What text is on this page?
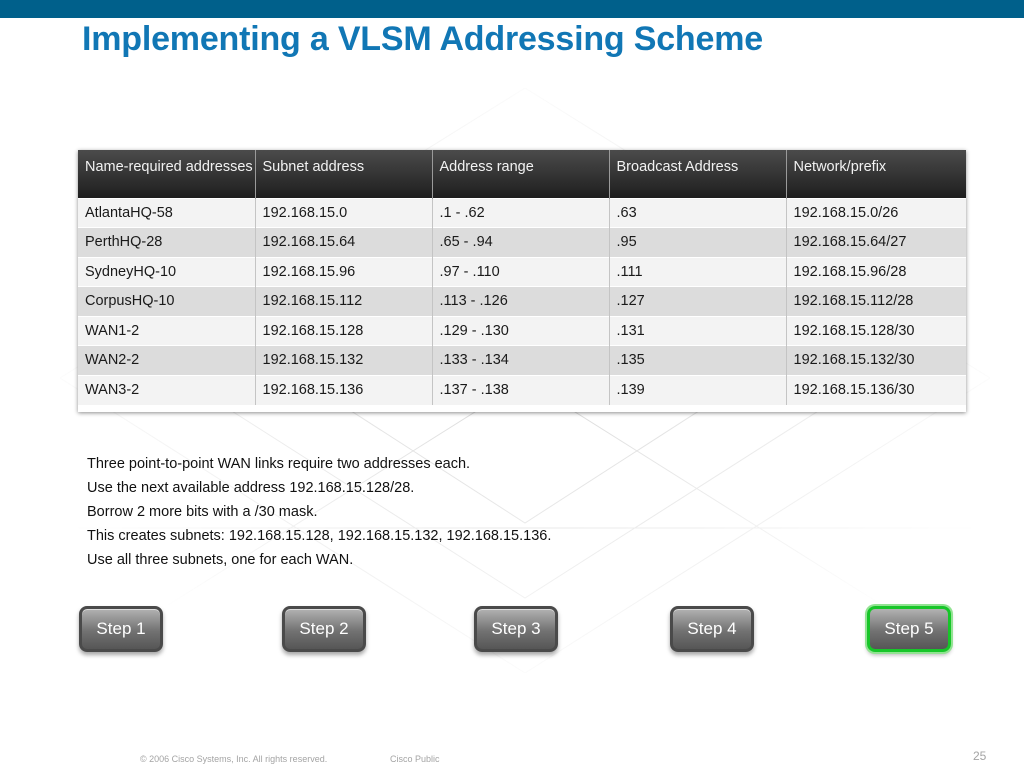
Implementing a VLSM Addressing Scheme
Name-required addresses	Subnet address	Address range	Broadcast Address	Network/prefix
AtlantaHQ-58	192.168.15.0	.1 - .62	.63	192.168.15.0/26
PerthHQ-28	192.168.15.64	.65 - .94	.95	192.168.15.64/27
SydneyHQ-10	192.168.15.96	.97 - .110	.111	192.168.15.96/28
CorpusHQ-10	192.168.15.112	.113 - .126	.127	192.168.15.112/28
WAN1-2	192.168.15.128	.129 - .130	.131	192.168.15.128/30
WAN2-2	192.168.15.132	.133 - .134	.135	192.168.15.132/30
WAN3-2	192.168.15.136	.137 - .138	.139	192.168.15.136/30
Three point-to-point WAN links require two addresses each.
Use the next available address 192.168.15.128/28.
Borrow 2 more bits with a /30 mask.
This creates subnets: 192.168.15.128, 192.168.15.132, 192.168.15.136.
Use all three subnets, one for each WAN.
Step 1	Step 2	Step 3	Step 4	Step 5
© 2006 Cisco Systems, Inc. All rights reserved.	Cisco Public	25
